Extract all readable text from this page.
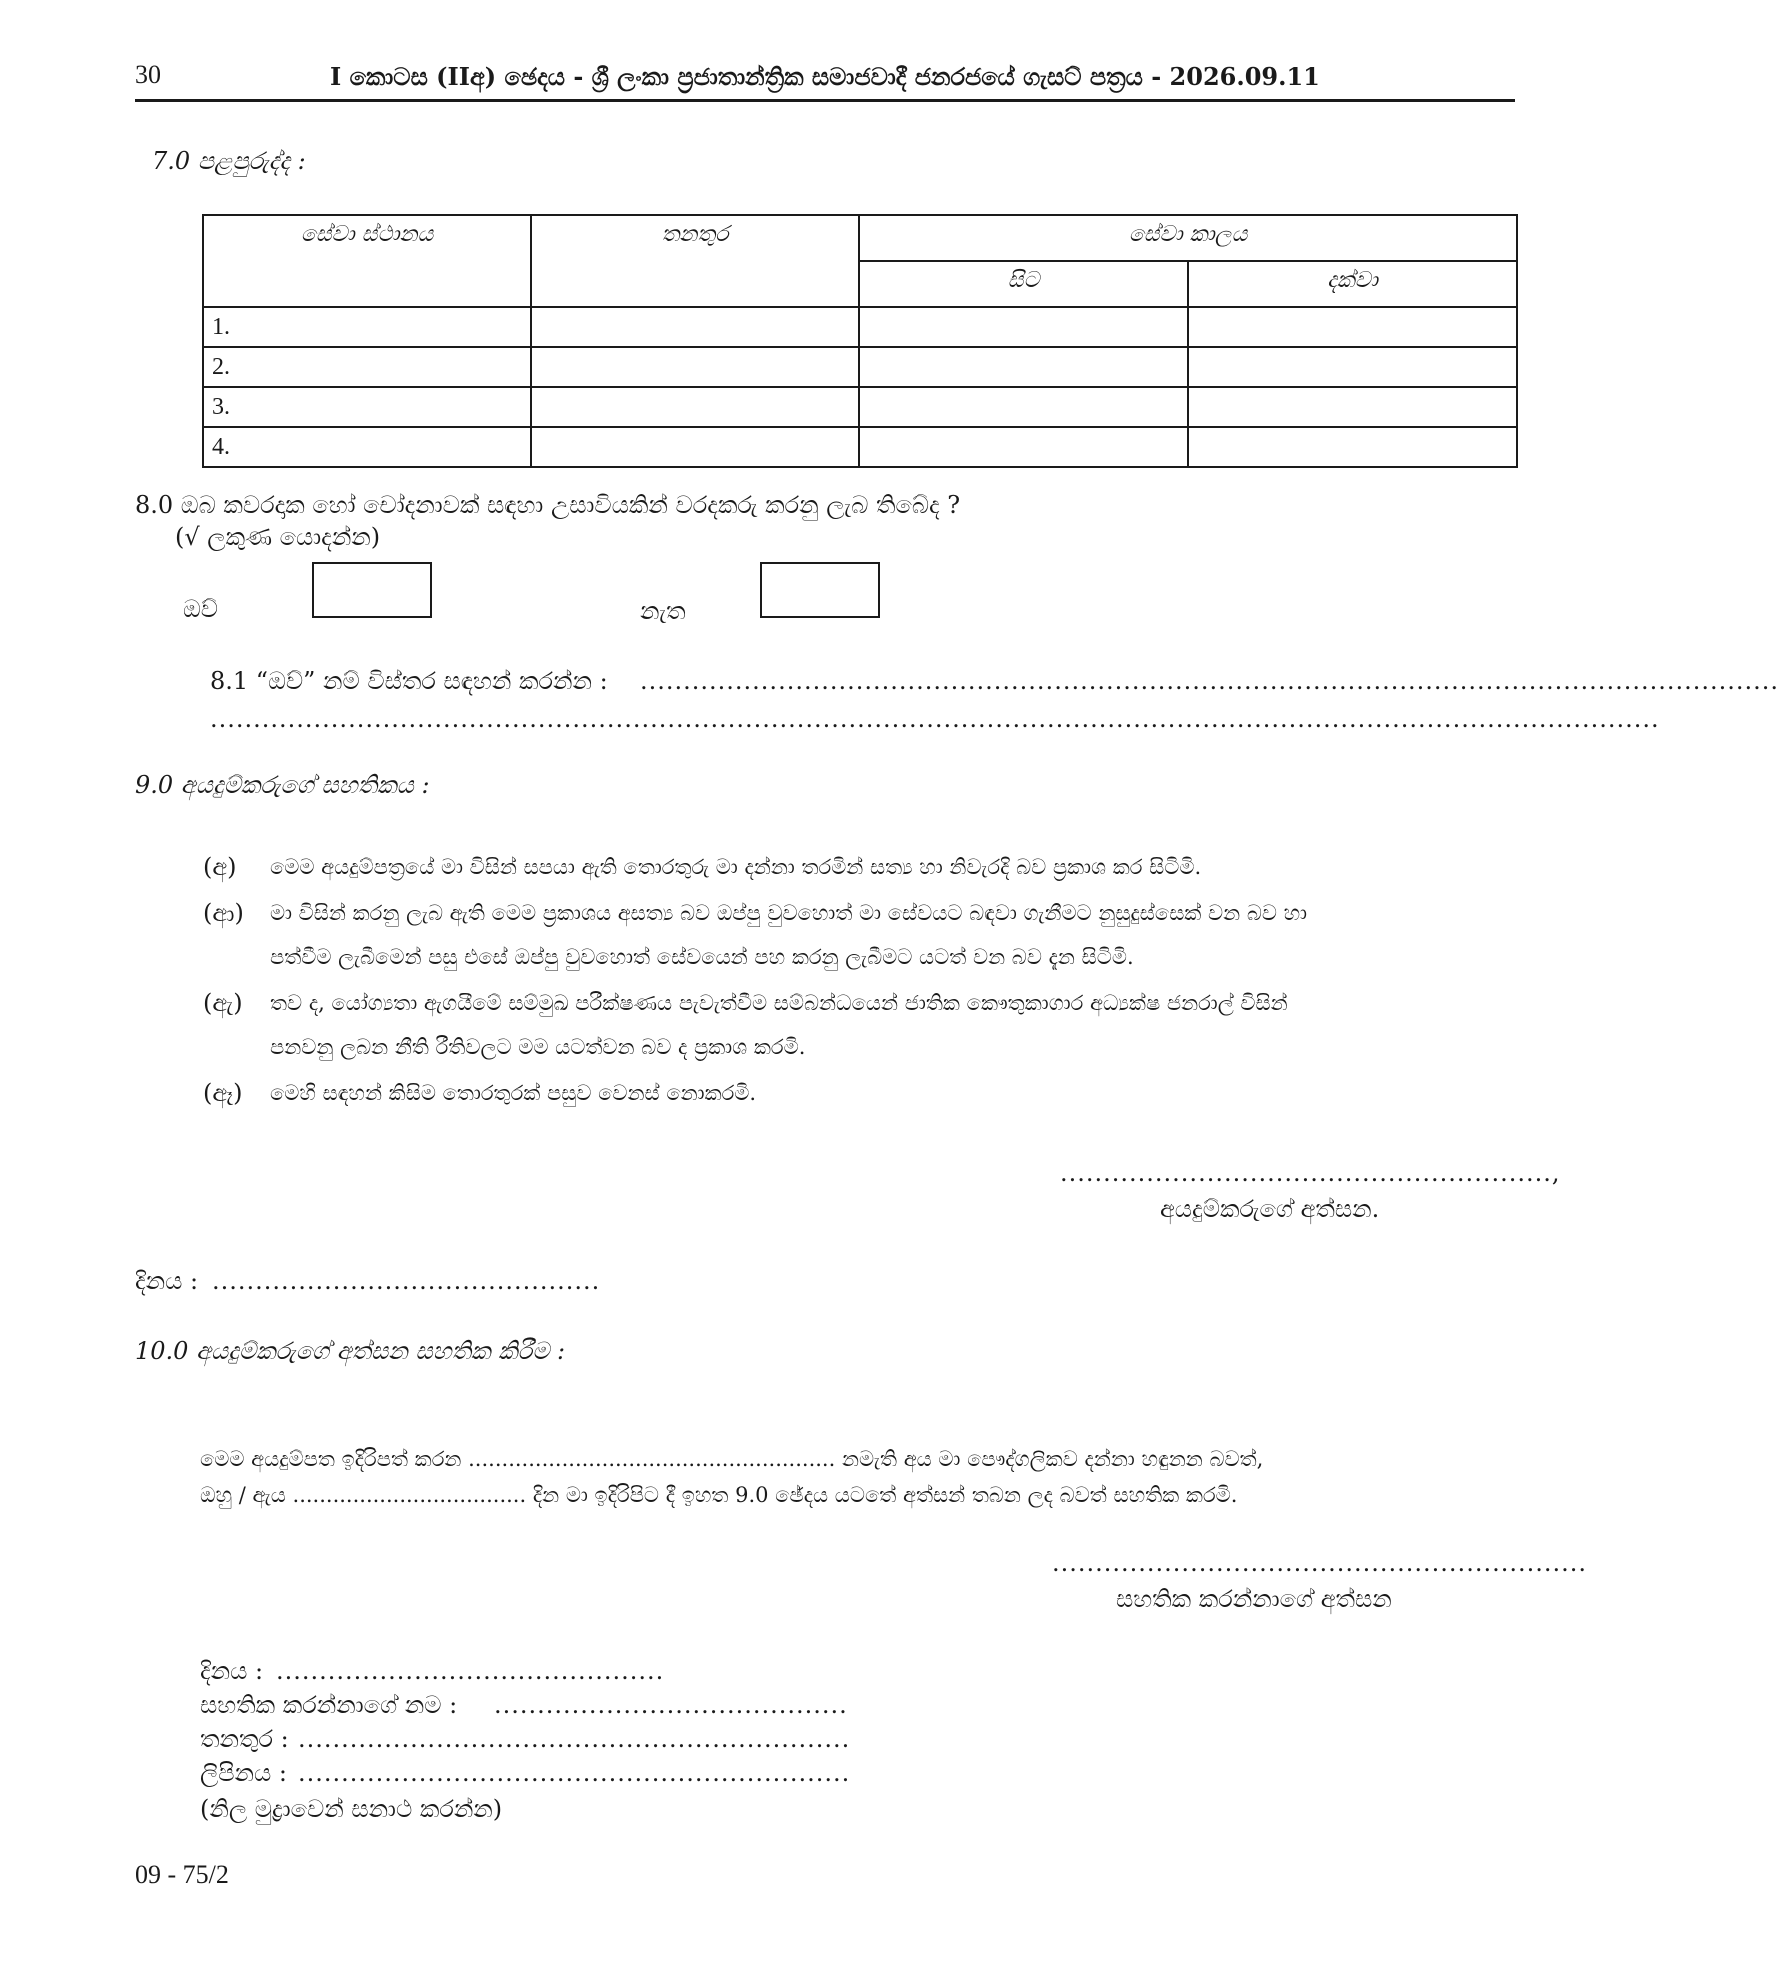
30	I කොටස (IIඅ) ඡෙදය - ශ්‍රී ලංකා ප්‍රජාතාන්ත්‍රික සමාජවාදී ජනරජයේ ගැසට් පත්‍රය - 2026.09.11
7.0 පළපුරුද්ද :
සේවා ස්ථානය	තනතුර	සේවා කාලය	
		සිට	දක්වා
1.			
2.			
3.			
4.			
8.0 ඔබ කවරදාක හෝ චෝදනාවක් සඳහා උසාවියකින් වරදකරු කරනු ලැබ තිබේද ?
(√ ලකුණ යොදන්න)
ඔව්	නැත
8.1 “ඔව්” නම් විස්තර සඳහන් කරන්න : ....................................................................................................................................
........................................................................................................................................................................
9.0 අයදුම්කරුගේ සහතිකය :
(අ) මෙම අයදුම්පත්‍රයේ මා විසින් සපයා ඇති තොරතුරු මා දන්නා තරමින් සත්‍ය හා නිවැරදි බව ප්‍රකාශ කර සිටිමි.
(ආ) මා විසින් කරනු ලැබ ඇති මෙම ප්‍රකාශය අසත්‍ය බව ඔප්පු වුවහොත් මා සේවයට බඳවා ගැනීමට නුසුදුස්සෙක් වන බව හා
පත්වීම ලැබීමෙන් පසු එසේ ඔප්පු වුවහොත් සේවයෙන් පහ කරනු ලැබීමට යටත් වන බව දැන සිටිමි.
(ඇ) තව ද, යෝග්‍යතා ඇගයීමේ සම්මුඛ පරීක්ෂණය පැවැත්වීම සම්බන්ධයෙන් ජාතික කෞතුකාගාර අධ්‍යක්ෂ ජනරාල් විසින්
පනවනු ලබන නීති රීතිවලට මම යටත්වන බව ද ප්‍රකාශ කරමි.
(ඈ) මෙහි සඳහන් කිසිම තොරතුරක් පසුව වෙනස් නොකරමි.
.........................................................,
අයදුම්කරුගේ අත්සන.
දිනය : .............................................
10.0 අයදුම්කරුගේ අත්සන සහතික කිරීම :
මෙම අයදුම්පත ඉදිරිපත් කරන ....................................................... නමැති අය මා පෞද්ගලිකව දන්නා හඳුනන බවත්,
ඔහු / ඇය ................................... දින මා ඉදිරිපිට දී ඉහත 9.0 ඡේදය යටතේ අත්සන් තබන ලද බවත් සහතික කරමි.
..............................................................
සහතික කරන්නාගේ අත්සන
දිනය : .............................................
සහතික කරන්නාගේ නම : .........................................
තනතුර : ................................................................
ලිපිනය : ................................................................
(නිල මුද්‍රාවෙන් සනාථ කරන්න)
09 - 75/2
